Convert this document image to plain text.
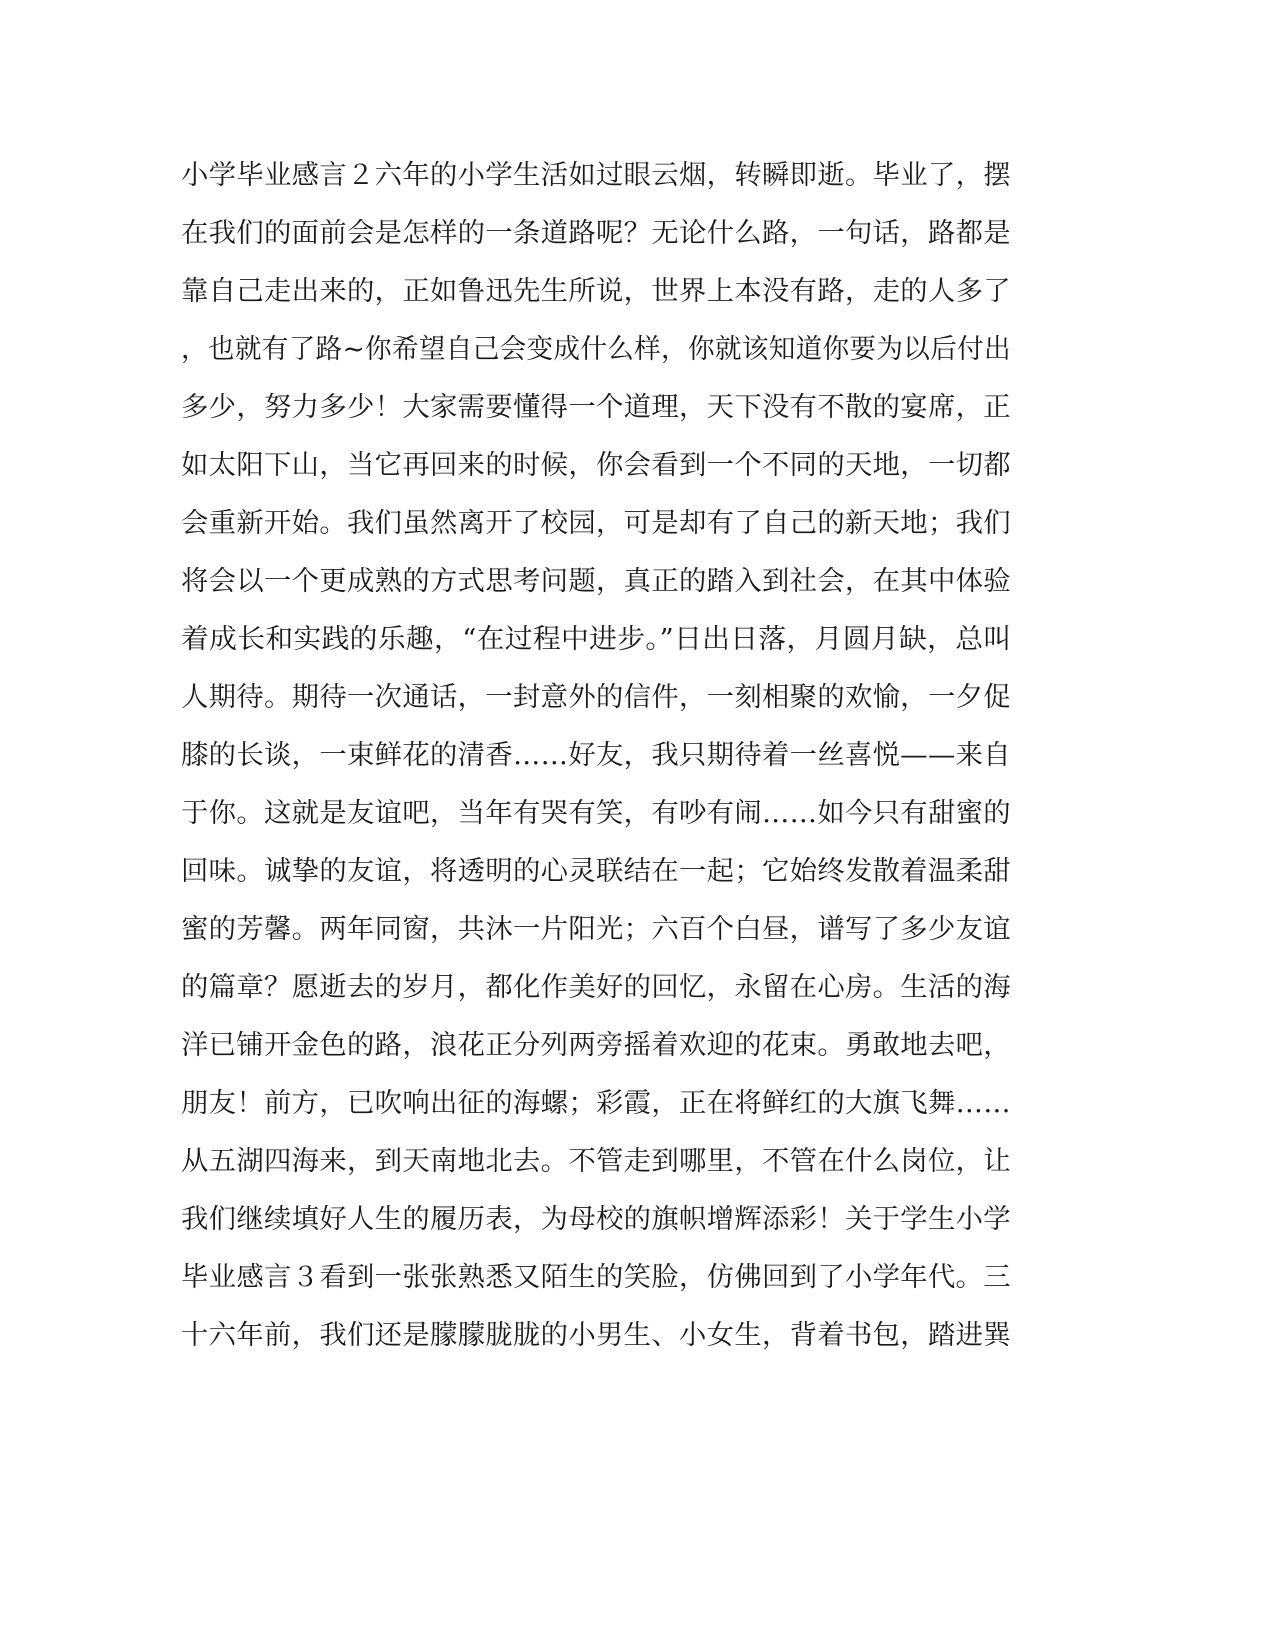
小学毕业感言２六年的小学生活如过眼云烟，转瞬即逝。毕业了，摆
在我们的面前会是怎样的一条道路呢？无论什么路，一句话，路都是
靠自己走出来的，正如鲁迅先生所说，世界上本没有路，走的人多了
，也就有了路~你希望自己会变成什么样，你就该知道你要为以后付出
多少，努力多少！大家需要懂得一个道理，天下没有不散的宴席，正
如太阳下山，当它再回来的时候，你会看到一个不同的天地，一切都
会重新开始。我们虽然离开了校园，可是却有了自己的新天地；我们
将会以一个更成熟的方式思考问题，真正的踏入到社会，在其中体验
着成长和实践的乐趣，“在过程中进步。”日出日落，月圆月缺，总叫
人期待。期待一次通话，一封意外的信件，一刻相聚的欢愉，一夕促
膝的长谈，一束鲜花的清香……好友，我只期待着一丝喜悦——来自
于你。这就是友谊吧，当年有哭有笑，有吵有闹……如今只有甜蜜的
回味。诚挚的友谊，将透明的心灵联结在一起；它始终发散着温柔甜
蜜的芳馨。两年同窗，共沐一片阳光；六百个白昼，谱写了多少友谊
的篇章？愿逝去的岁月，都化作美好的回忆，永留在心房。生活的海
洋已铺开金色的路，浪花正分列两旁摇着欢迎的花束。勇敢地去吧，
朋友！前方，已吹响出征的海螺；彩霞，正在将鲜红的大旗飞舞……
从五湖四海来，到天南地北去。不管走到哪里，不管在什么岗位，让
我们继续填好人生的履历表，为母校的旗帜增辉添彩！关于学生小学
毕业感言３看到一张张熟悉又陌生的笑脸，仿佛回到了小学年代。三
十六年前，我们还是朦朦胧胧的小男生、小女生，背着书包，踏进巽
